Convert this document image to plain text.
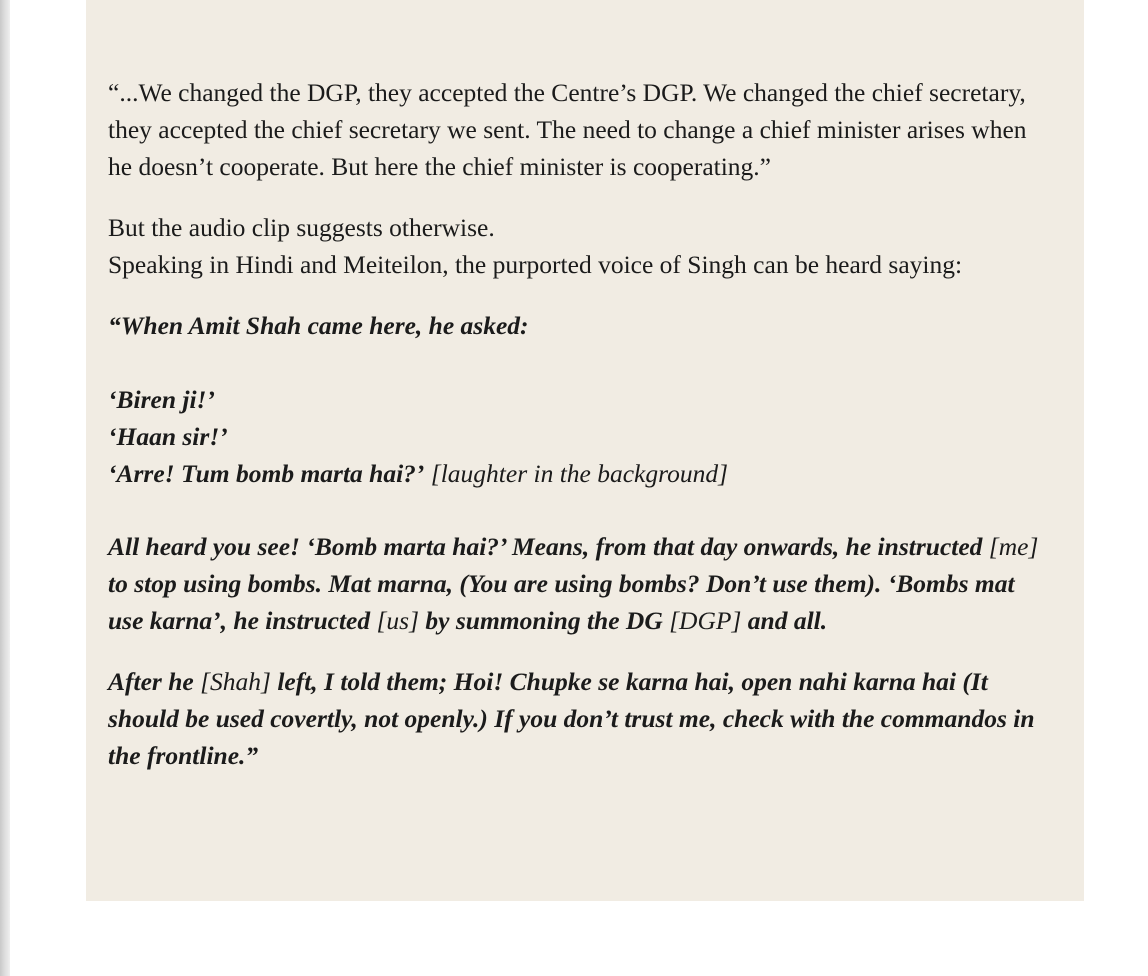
“...We changed the DGP, they accepted the Centre’s DGP. We changed the chief secretary, they accepted the chief secretary we sent. The need to change a chief minister arises when he doesn’t cooperate. But here the chief minister is cooperating.”

But the audio clip suggests otherwise.
Speaking in Hindi and Meiteilon, the purported voice of Singh can be heard saying:

“When Amit Shah came here, he asked:

‘Biren ji!’
‘Haan sir!’
‘Arre! Tum bomb marta hai?’ [laughter in the background]

All heard you see! ‘Bomb marta hai?’ Means, from that day onwards, he instructed [me] to stop using bombs. Mat marna, (You are using bombs? Don’t use them). ‘Bombs mat use karna’, he instructed [us] by summoning the DG [DGP] and all.

After he [Shah] left, I told them; Hoi! Chupke se karna hai, open nahi karna hai (It should be used covertly, not openly.) If you don’t trust me, check with the commandos in the frontline.”
